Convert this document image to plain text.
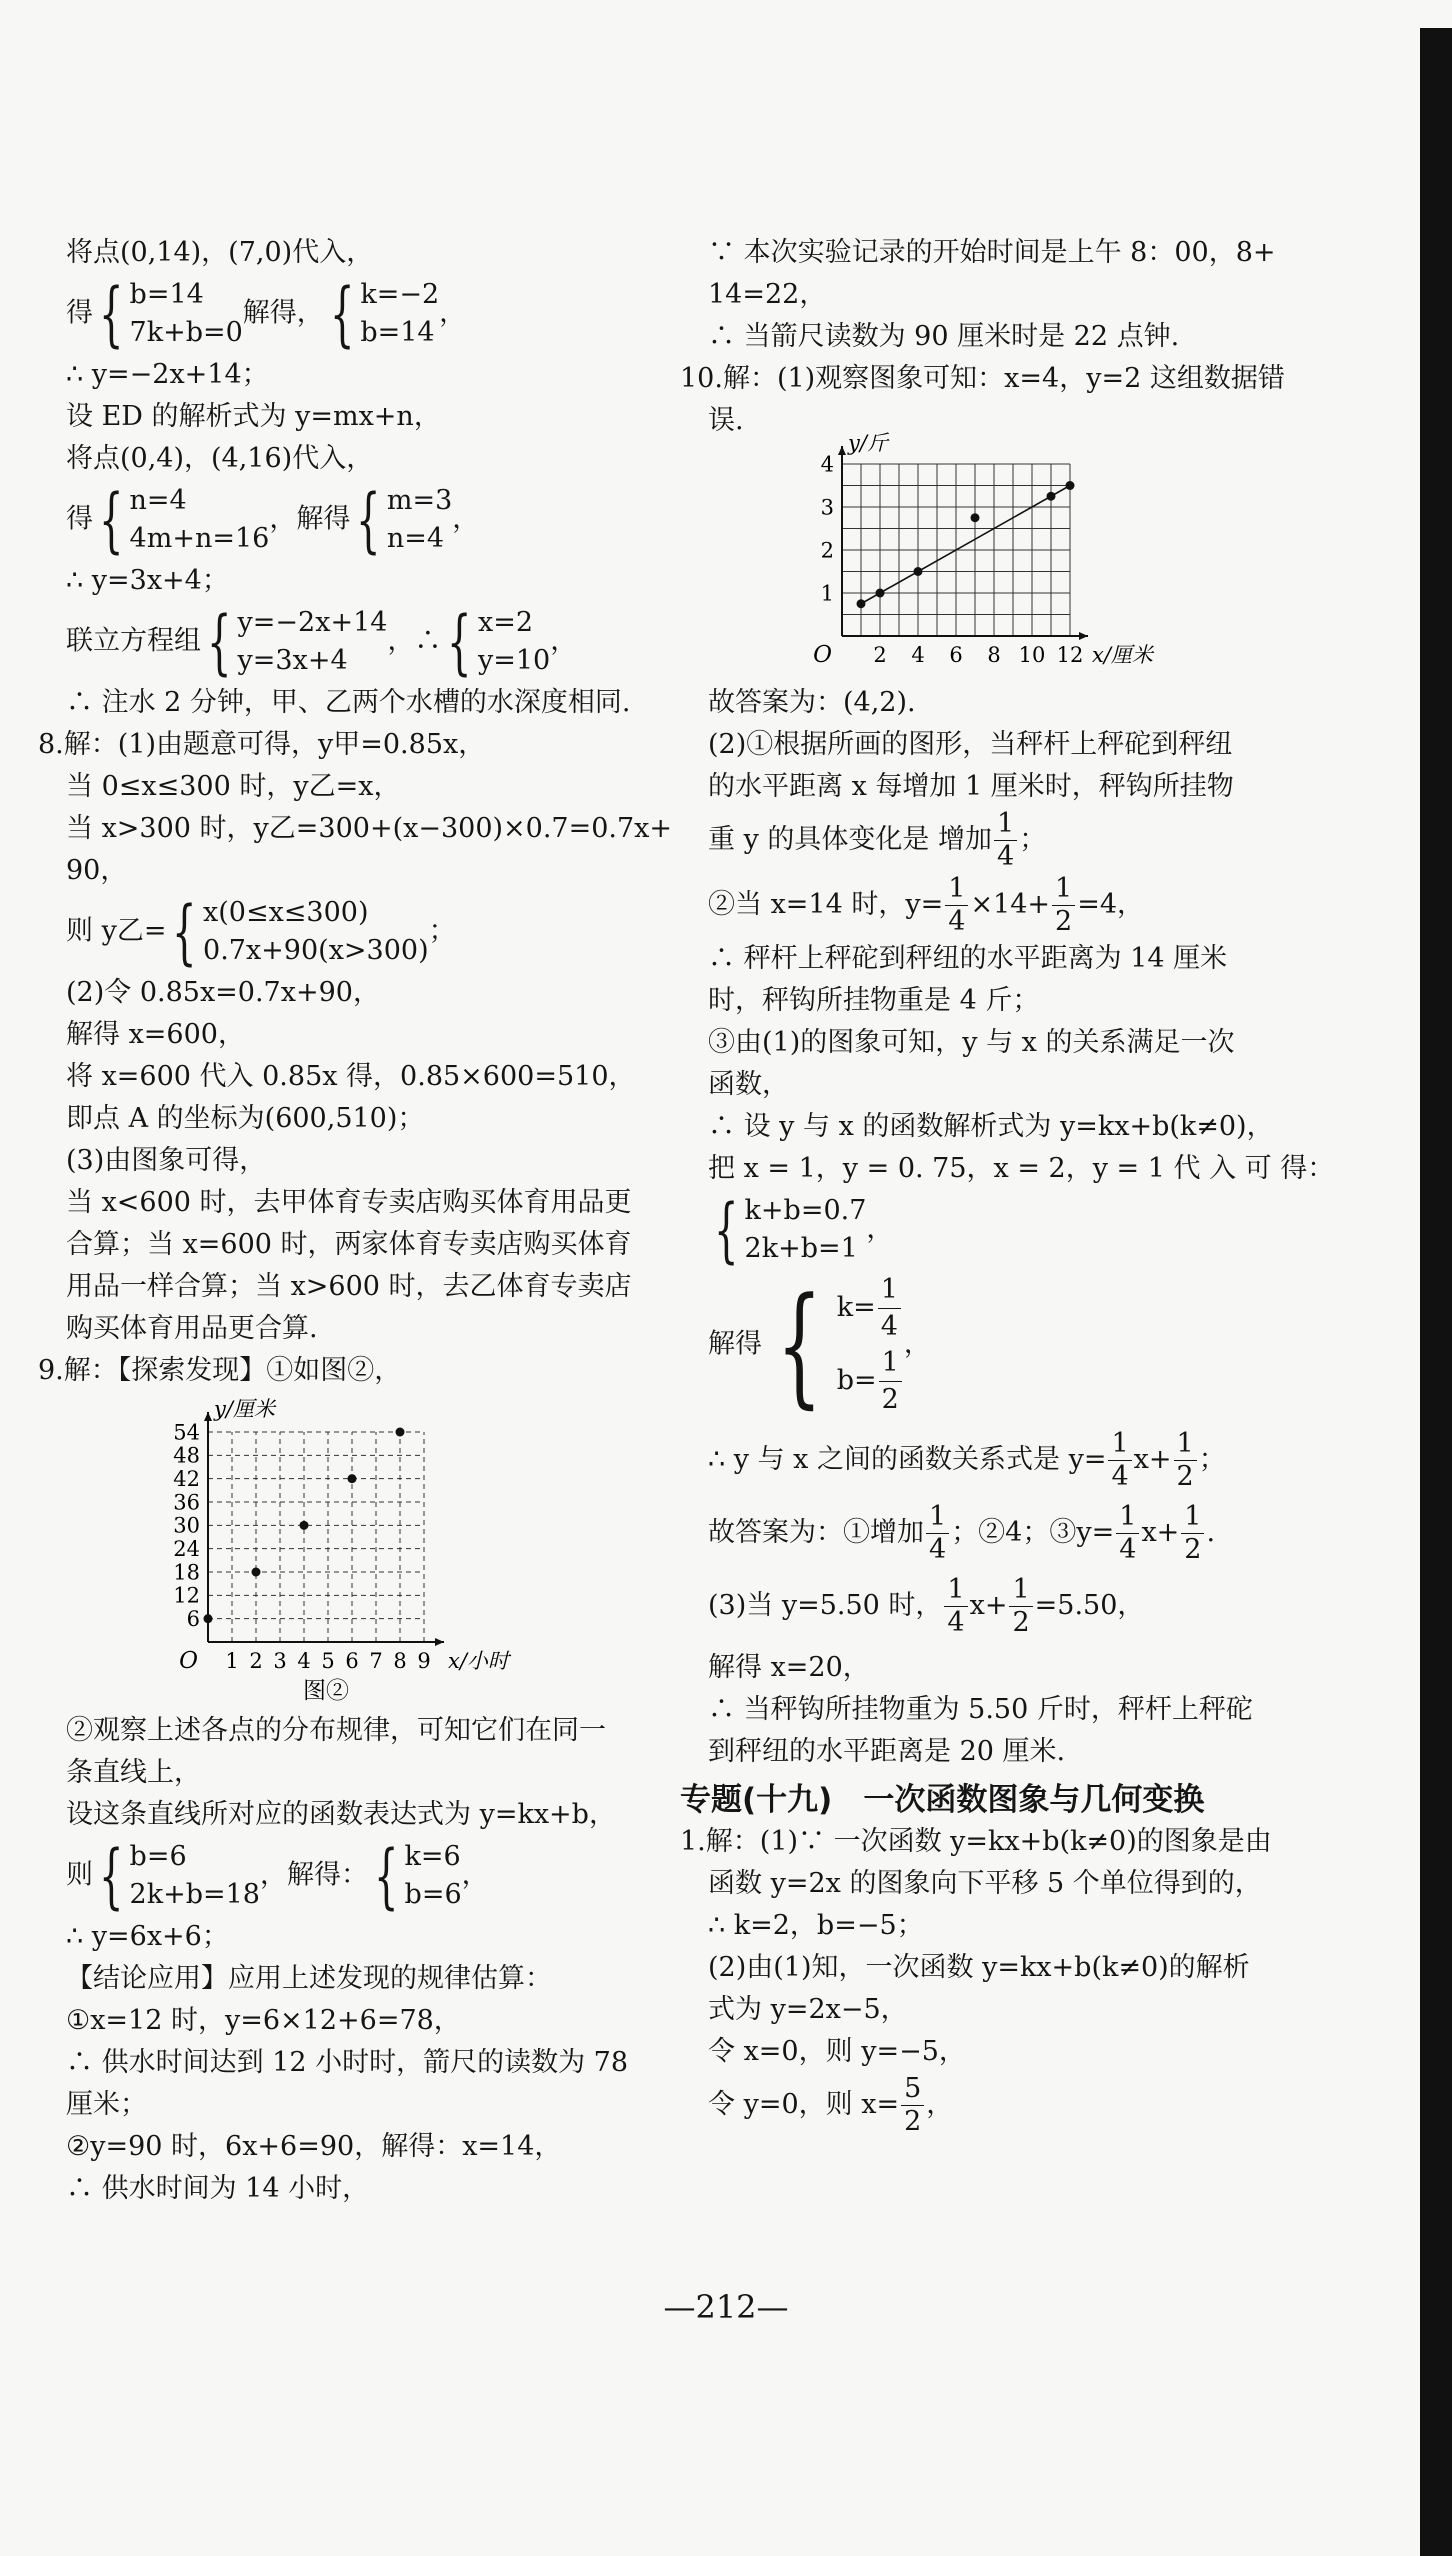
将点(0,14)，(7,0)代入，

得 { b=14
7k+b=0
解得， { k=−2
b=14
，

∴ y=−2x+14；

设 ED 的解析式为 y=mx+n，

将点(0,4)，(4,16)代入，

得 { n=4
4m+n=16
，解得 { m=3
n=4
，

∴ y=3x+4；

联立方程组 { y=−2x+14
y=3x+4
，∴ { x=2
y=10
，

∴ 注水 2 分钟，甲、乙两个水槽的水深度相同.

8.解：(1)由题意可得，y甲=0.85x，

当 0≤x≤300 时，y乙=x，

当 x>300 时，y乙=300+(x−300)×0.7=0.7x+

90，

则 y乙= { x(0≤x≤300)
0.7x+90(x>300)
；

(2)令 0.85x=0.7x+90，

解得 x=600，

将 x=600 代入 0.85x 得，0.85×600=510，

即点 A 的坐标为(600,510)；

(3)由图象可得，

当 x<600 时，去甲体育专卖店购买体育用品更

合算；当 x=600 时，两家体育专卖店购买体育

用品一样合算；当 x>600 时，去乙体育专卖店

购买体育用品更合算.

9.解：【探索发现】①如图②，

1 2 3 4 5 6 7 8 9
6
12
18
24
30
36
42
48
54
O	x/小时
y/厘米
图②

②观察上述各点的分布规律，可知它们在同一

条直线上，

设这条直线所对应的函数表达式为 y=kx+b，

则 { b=6
2k+b=18
，解得： { k=6
b=6
，

∴ y=6x+6；

【结论应用】应用上述发现的规律估算：

①x=12 时，y=6×12+6=78，

∴ 供水时间达到 12 小时时，箭尺的读数为 78

厘米；

②y=90 时，6x+6=90，解得：x=14，

∴ 供水时间为 14 小时，

∵ 本次实验记录的开始时间是上午 8：00，8+

14=22，

∴ 当箭尺读数为 90 厘米时是 22 点钟.

10.解：(1)观察图象可知：x=4，y=2 这组数据错

误.

2 4 6 8 10 12
1
2
3
4
O	x/厘米
y/斤

故答案为：(4,2).

(2)①根据所画的图形，当秤杆上秤砣到秤纽

的水平距离 x 每增加 1 厘米时，秤钩所挂物

重 y 的具体变化是 增加 $\frac{1}{4}$ ；

②当 x=14 时，$y= \frac{1}{4} \times 14+ \frac{1}{2} =4$，

∴ 秤杆上秤砣到秤纽的水平距离为 14 厘米

时，秤钩所挂物重是 4 斤；

③由(1)的图象可知，y 与 x 的关系满足一次

函数，

∴ 设 y 与 x 的函数解析式为 y=kx+b(k≠0)，

把 x = 1，y = 0. 75，x = 2，y = 1 代 入 可 得：

{ k+b=0.7
2k+b=1
，

解得 { $k= \frac{1}{4}$
$b= \frac{1}{2}$
，

∴ y 与 x 之间的函数关系式是 $y= \frac{1}{4} x+ \frac{1}{2}$ ；

故答案为：①增加 $\frac{1}{4}$ ；②4；③y= $\frac{1}{4} x+ \frac{1}{2}$ .

(3)当 y=5.50 时， $\frac{1}{4} x+ \frac{1}{2} =5.50$，

解得 x=20，

∴ 当秤钩所挂物重为 5.50 斤时，秤杆上秤砣

到秤纽的水平距离是 20 厘米.

专题(十九)　一次函数图象与几何变换

1.解：(1)∵ 一次函数 y=kx+b(k≠0)的图象是由

函数 y=2x 的图象向下平移 5 个单位得到的，

∴ k=2，b=−5；

(2)由(1)知，一次函数 y=kx+b(k≠0)的解析

式为 y=2x−5，

令 x=0，则 y=−5，

令 y=0，则 $x= \frac{5}{2}$ ，

—212—
